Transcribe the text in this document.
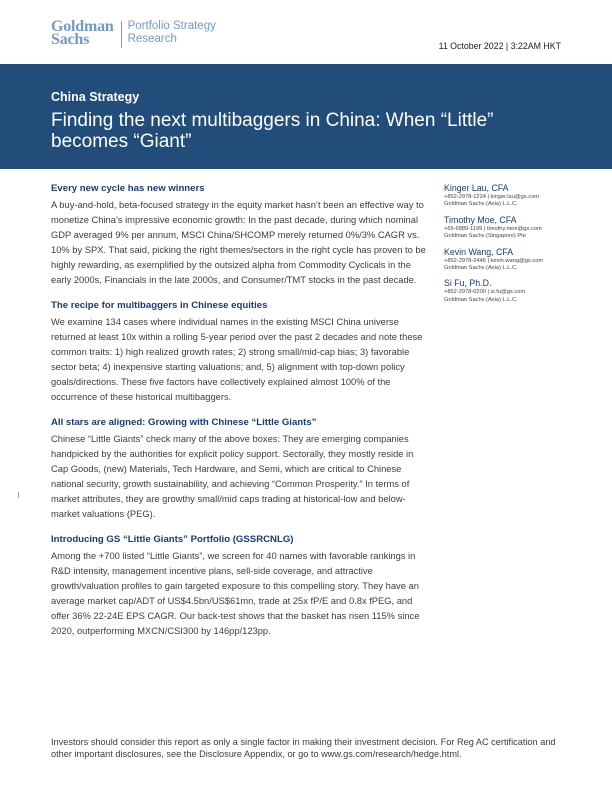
Goldman
Sachs
Portfolio Strategy
Research
11 October 2022 | 3:22AM HKT
China Strategy
Finding the next multibaggers in China: When “Little” becomes “Giant”
Every new cycle has new winners

A buy-and-hold, beta-focused strategy in the equity market hasn’t been an effective way to monetize China’s impressive economic growth: In the past decade, during which nominal GDP averaged 9% per annum, MSCI China/SHCOMP merely returned 0%/3% CAGR vs. 10% by SPX. That said, picking the right themes/sectors in the right cycle has proven to be highly rewarding, as exemplified by the outsized alpha from Commodity Cyclicals in the early 2000s, Financials in the late 2000s, and Consumer/TMT stocks in the past decade.

The recipe for multibaggers in Chinese equities

We examine 134 cases where individual names in the existing MSCI China universe returned at least 10x within a rolling 5-year period over the past 2 decades and note these common traits: 1) high realized growth rates; 2) strong small/mid-cap bias; 3) favorable sector beta; 4) inexpensive starting valuations; and, 5) alignment with top-down policy goals/directions. These five factors have collectively explained almost 100% of the occurrence of these historical multibaggers.

All stars are aligned: Growing with Chinese “Little Giants”

Chinese “Little Giants” check many of the above boxes: They are emerging companies handpicked by the authorities for explicit policy support. Sectorally, they mostly reside in Cap Goods, (new) Materials, Tech Hardware, and Semi, which are critical to Chinese national security, growth sustainability, and achieving “Common Prosperity.” In terms of market attributes, they are growthy small/mid caps trading at historical-low and below-market valuations (PEG).

Introducing GS “Little Giants” Portfolio (GSSRCNLG)

Among the +700 listed “Little Giants”, we screen for 40 names with favorable rankings in R&D intensity, management incentive plans, sell-side coverage, and attractive growth/valuation profiles to gain targeted exposure to this compelling story. They have an average market cap/ADT of US$4.5bn/US$61mn, trade at 25x fP/E and 0.8x fPEG, and offer 36% 22-24E EPS CAGR. Our back-test shows that the basket has risen 115% since 2020, outperforming MXCN/CSI300 by 146pp/123pp.

Kinger Lau, CFA
+852-2978-1224 | kinger.lau@gs.com
Goldman Sachs (Asia) L.L.C.
Timothy Moe, CFA
+65-6889-1199 | timothy.moe@gs.com
Goldman Sachs (Singapore) Pte
Kevin Wang, CFA
+852-2978-2446 | kevin.wang@gs.com
Goldman Sachs (Asia) L.L.C.
Si Fu, Ph.D.
+852-2978-0200 | si.fu@gs.com
Goldman Sachs (Asia) L.L.C.
Investors should consider this report as only a single factor in making their investment decision. For Reg AC certification and other important disclosures, see the Disclosure Appendix, or go to www.gs.com/research/hedge.html.
